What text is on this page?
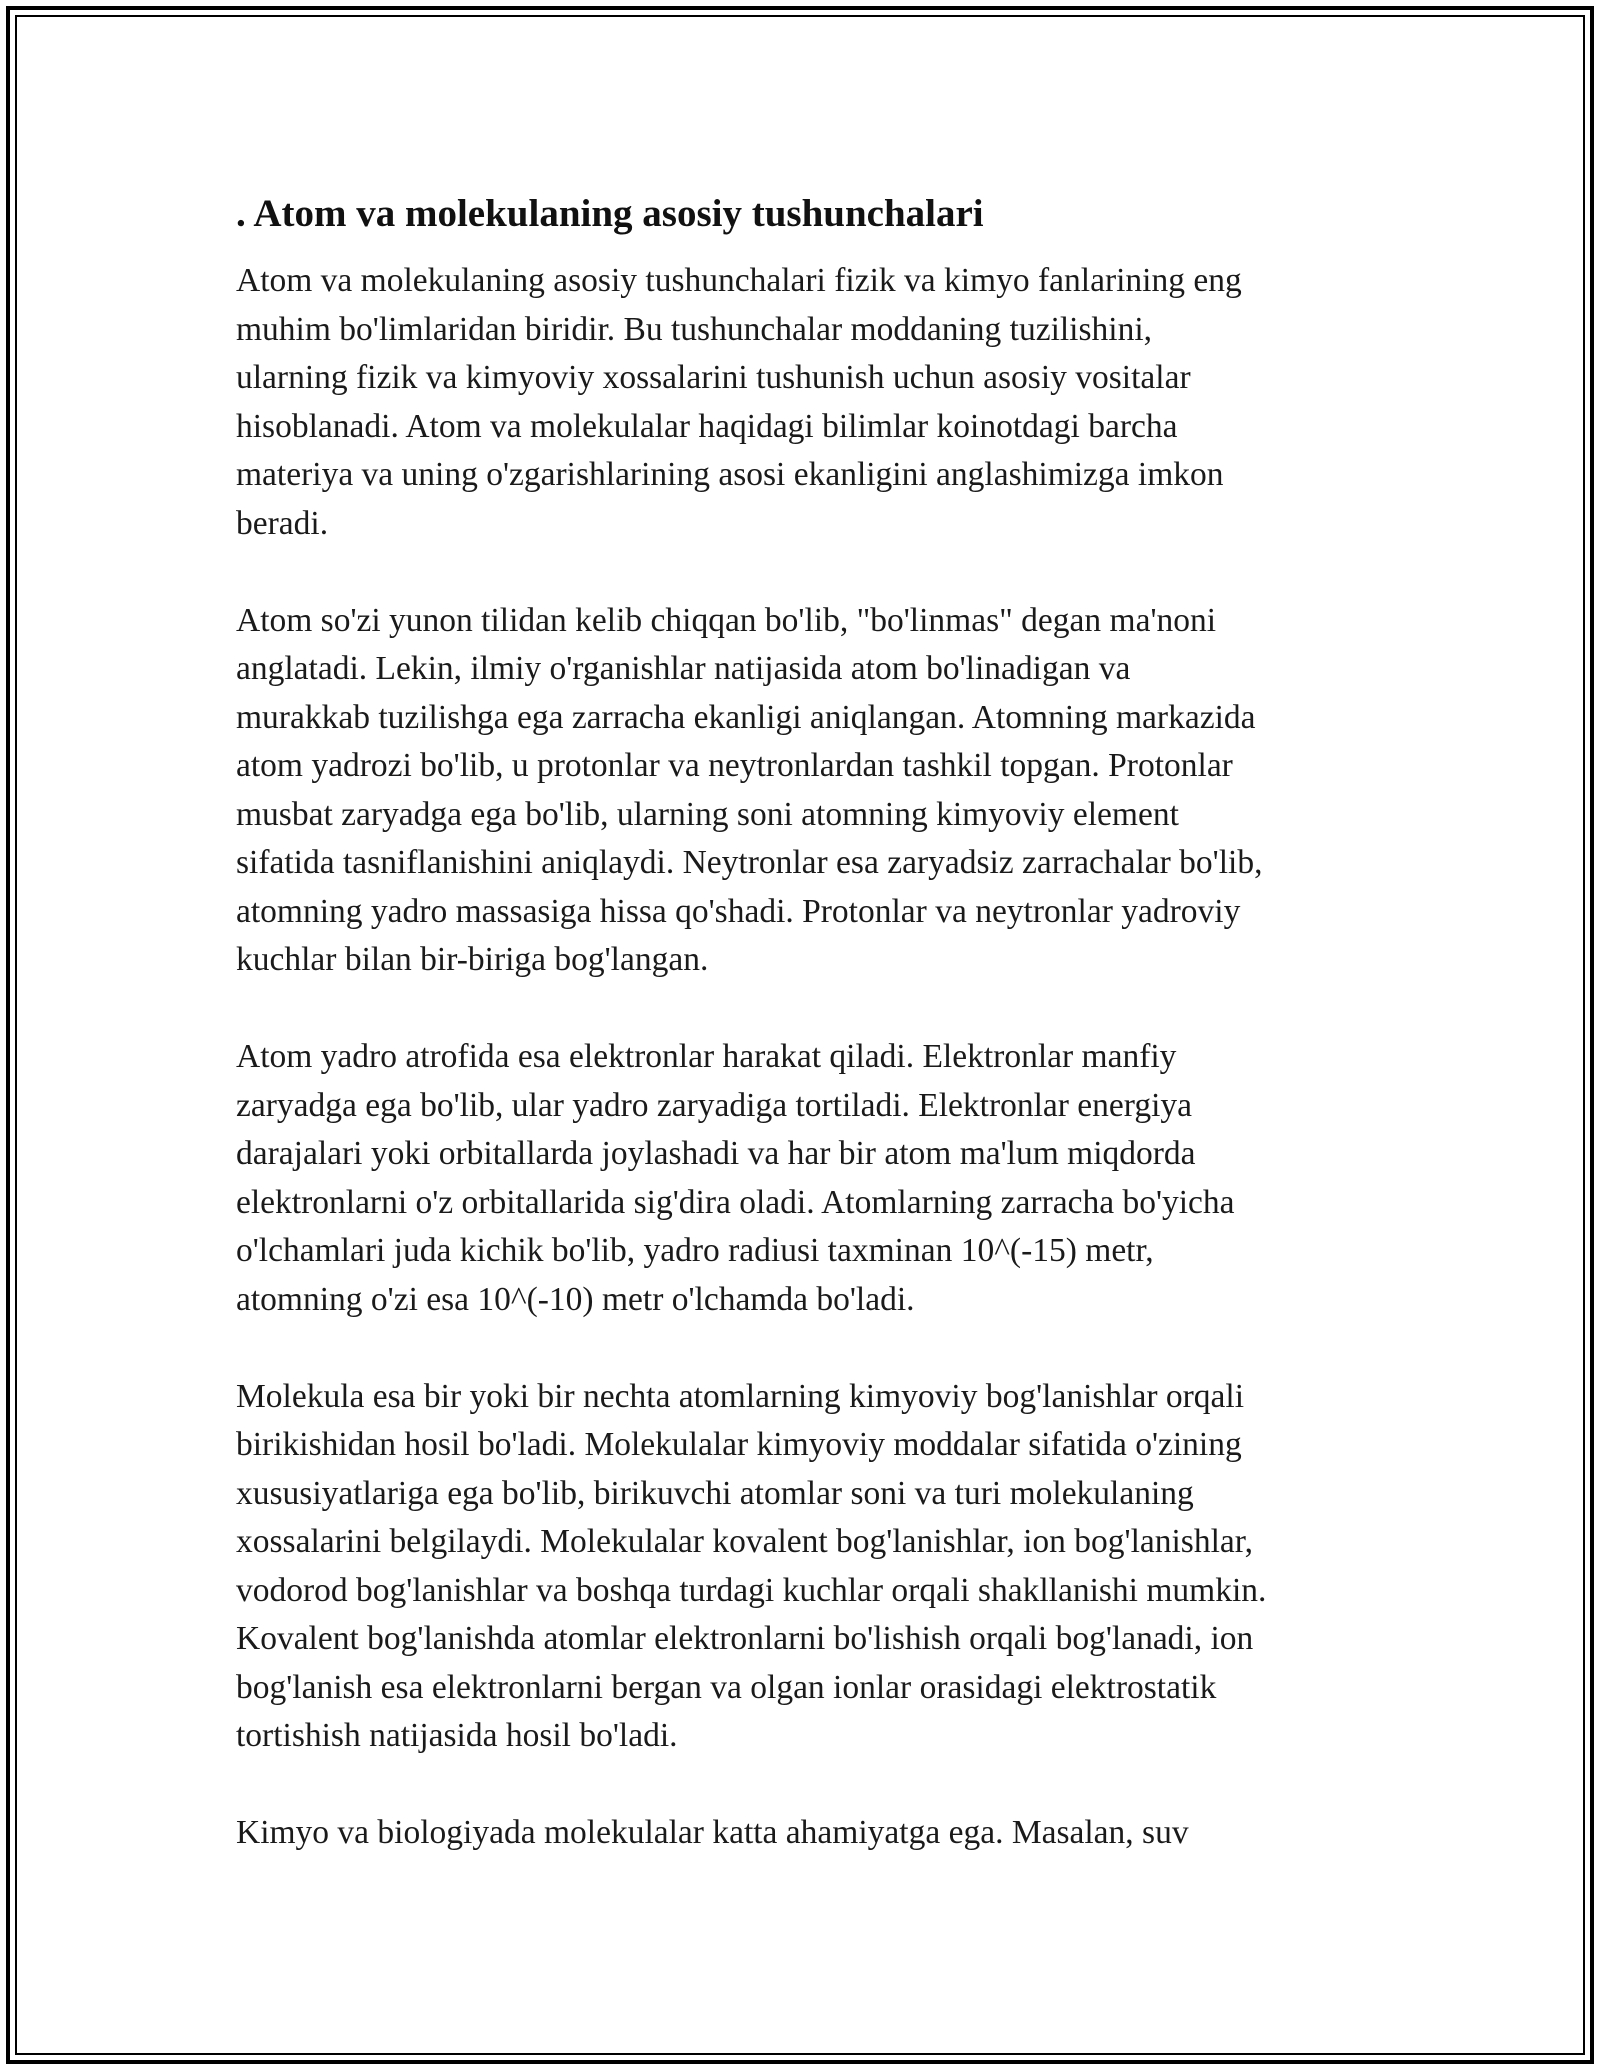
. Atom va molekulaning asosiy tushunchalari

Atom va molekulaning asosiy tushunchalari fizik va kimyo fanlarining eng
muhim bo'limlaridan biridir. Bu tushunchalar moddaning tuzilishini,
ularning fizik va kimyoviy xossalarini tushunish uchun asosiy vositalar
hisoblanadi. Atom va molekulalar haqidagi bilimlar koinotdagi barcha
materiya va uning o'zgarishlarining asosi ekanligini anglashimizga imkon
beradi.

Atom so'zi yunon tilidan kelib chiqqan bo'lib, "bo'linmas" degan ma'noni
anglatadi. Lekin, ilmiy o'rganishlar natijasida atom bo'linadigan va
murakkab tuzilishga ega zarracha ekanligi aniqlangan. Atomning markazida
atom yadrozi bo'lib, u protonlar va neytronlardan tashkil topgan. Protonlar
musbat zaryadga ega bo'lib, ularning soni atomning kimyoviy element
sifatida tasniflanishini aniqlaydi. Neytronlar esa zaryadsiz zarrachalar bo'lib,
atomning yadro massasiga hissa qo'shadi. Protonlar va neytronlar yadroviy
kuchlar bilan bir-biriga bog'langan.

Atom yadro atrofida esa elektronlar harakat qiladi. Elektronlar manfiy
zaryadga ega bo'lib, ular yadro zaryadiga tortiladi. Elektronlar energiya
darajalari yoki orbitallarda joylashadi va har bir atom ma'lum miqdorda
elektronlarni o'z orbitallarida sig'dira oladi. Atomlarning zarracha bo'yicha
o'lchamlari juda kichik bo'lib, yadro radiusi taxminan 10^(-15) metr,
atomning o'zi esa 10^(-10) metr o'lchamda bo'ladi.

Molekula esa bir yoki bir nechta atomlarning kimyoviy bog'lanishlar orqali
birikishidan hosil bo'ladi. Molekulalar kimyoviy moddalar sifatida o'zining
xususiyatlariga ega bo'lib, birikuvchi atomlar soni va turi molekulaning
xossalarini belgilaydi. Molekulalar kovalent bog'lanishlar, ion bog'lanishlar,
vodorod bog'lanishlar va boshqa turdagi kuchlar orqali shakllanishi mumkin.
Kovalent bog'lanishda atomlar elektronlarni bo'lishish orqali bog'lanadi, ion
bog'lanish esa elektronlarni bergan va olgan ionlar orasidagi elektrostatik
tortishish natijasida hosil bo'ladi.

Kimyo va biologiyada molekulalar katta ahamiyatga ega. Masalan, suv
